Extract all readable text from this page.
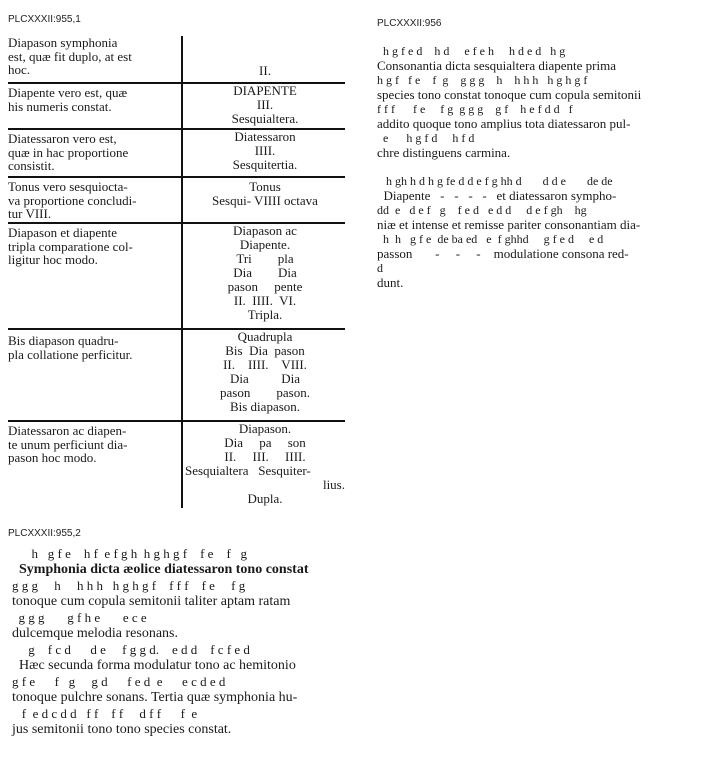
PLCXXXII:955,1	PLCXXXII:956
PLCXXXII:955,2
Diapason symphonia
est, quæ fit duplo, at est
hoc.	II.
Diapente vero est, quæ
his numeris constat.
DIAPENTE
III.
Sesquialtera.
Diatessaron vero est,
quæ in hac proportione
consistit.
Diatessaron
IIII.
Sesquitertia.
Tonus vero sesquiocta-
va proportione concludi-
tur VIII.
Tonus
Sesqui- VIIII octava
Diapason et diapente
tripla comparatione col-
ligitur hoc modo.
Diapason ac
Diapente.
Tri        pla
Dia        Dia
pason     pente
II.  IIII.  VI.
Tripla.
Bis diapason quadru-
pla collatione perficitur.
Quadrupla
Bis  Dia  pason
II.    IIII.    VIII.
Dia          Dia
pason        pason.
Bis diapason.
Diatessaron ac diapen-
te unum perficiunt dia-
pason hoc modo.
Diapason.
Dia     pa     son
II.     III.     IIII.
Sesquialtera   Sesquiter-
lius.
Dupla.
h g f e d    h d     e f e h     h d e d   h g
Consonantia dicta sesquialtera diapente prima
h g f   f e    f  g    g g g    h    h h h   h g h g f
species tono constat tonoque cum copula semitonii
f f f      f e     f g  g g g    g f    h e f d d   f
addito quoque tono amplius tota diatessaron pul-
e      h g f d     h f d
chre distinguens carmina.
h gh h d h g fe d d e f g hh d       d d e       de de
Diapente   -   -   -   -   et diatessaron sympho-
dd  e   d e f   g    f e d   e d d     d e f gh    hg
niæ et intense et remisse pariter consonantiam dia-
h  h   g f e  de ba ed   e  f ghhd     g f e d     e d
passon       -     -     -    modulatione consona red-
d
dunt.
h   g f e    h f  e f g h  h g h g f    f e    f   g
Symphonia dicta æolice diatessaron tono constat
g g g     h     h h h   h g h g f    f f f    f e     f g
tonoque cum copula semitonii taliter aptam ratam
g g g       g f h e       e c e
dulcemque melodia resonans.
g    f c d      d e     f g g d.    e d d    f c f e d
Hæc secunda forma modulatur tono ac hemitonio
g f e      f   g     g d      f e d  e      e c d e d
tonoque pulchre sonans. Tertia quæ symphonia hu-
f  e d c d d   f f    f f     d f f      f  e
jus semitonii tono tono species constat.
